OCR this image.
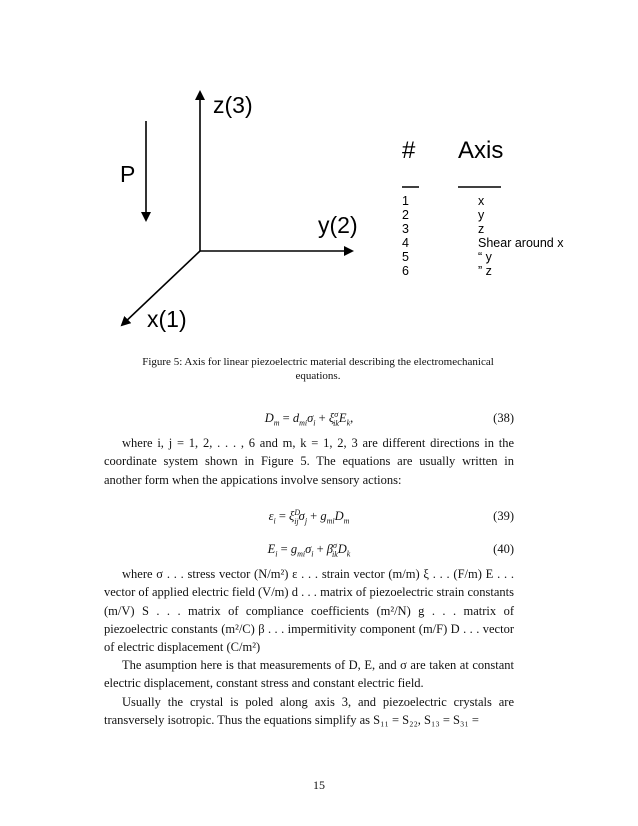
z(3)
y(2)
x(1)
P
# Axis
1	x
2	y
3	z
4	Shear around x
5	“ y
6	” z
Figure 5: Axis for linear piezoelectric material describing the electromechanical
equations.
$D_m = d_{mi}\sigma_i + \xi^\sigma_{ik}E_k$,	(38)
where i, j = 1, 2, . . . , 6 and m, k = 1, 2, 3 are different directions in the coordinate system shown in Figure 5. The equations are usually written in another form when the appications involve sensory actions:
$\varepsilon_i = \xi^D_{ij}\sigma_j + g_{mi}D_m$	(39)
$E_i = g_{mi}\sigma_i + \beta^\sigma_{ik}D_k$	(40)
where σ . . . stress vector (N/m²) ε . . . strain vector (m/m) ξ . . . (F/m) E . . . vector of applied electric field (V/m) d . . . matrix of piezoelectric strain constants (m/V) S . . . matrix of compliance coefficients (m²/N) g . . . matrix of piezoelectric constants (m²/C) β . . . impermitivity component (m/F) D . . . vector of electric displacement (C/m²)
The asumption here is that measurements of D, E, and σ are taken at constant electric displacement, constant stress and constant electric field.
Usually the crystal is poled along axis 3, and piezoelectric crystals are transversely isotropic. Thus the equations simplify as S₁₁ = S₂₂, S₁₃ = S₃₁ =
15
